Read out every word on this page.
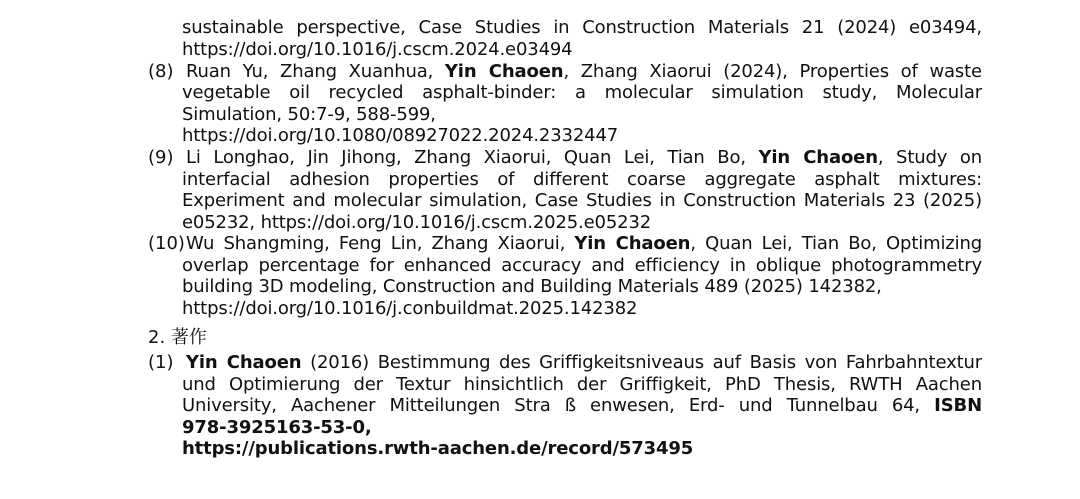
sustainable perspective, Case Studies in Construction Materials 21 (2024) e03494,
https://doi.org/10.1016/j.cscm.2024.e03494
(8) Ruan Yu, Zhang Xuanhua, Yin Chaoen, Zhang Xiaorui (2024), Properties of waste
vegetable oil recycled asphalt-binder: a molecular simulation study, Molecular
Simulation, 50:7-9, 588-599,
https://doi.org/10.1080/08927022.2024.2332447
(9) Li Longhao, Jin Jihong, Zhang Xiaorui, Quan Lei, Tian Bo, Yin Chaoen, Study on
interfacial adhesion properties of different coarse aggregate asphalt mixtures:
Experiment and molecular simulation, Case Studies in Construction Materials 23 (2025)
e05232, https://doi.org/10.1016/j.cscm.2025.e05232
(10) Wu Shangming, Feng Lin, Zhang Xiaorui, Yin Chaoen, Quan Lei, Tian Bo, Optimizing
overlap percentage for enhanced accuracy and efficiency in oblique photogrammetry
building 3D modeling, Construction and Building Materials 489 (2025) 142382,
https://doi.org/10.1016/j.conbuildmat.2025.142382
2. 著作
(1) Yin Chaoen (2016) Bestimmung des Griffigkeitsniveaus auf Basis von Fahrbahntextur
und Optimierung der Textur hinsichtlich der Griffigkeit, PhD Thesis, RWTH Aachen
University, Aachener Mitteilungen Stra ß enwesen, Erd- und Tunnelbau 64, ISBN
978-3925163-53-0,
https://publications.rwth-aachen.de/record/573495
